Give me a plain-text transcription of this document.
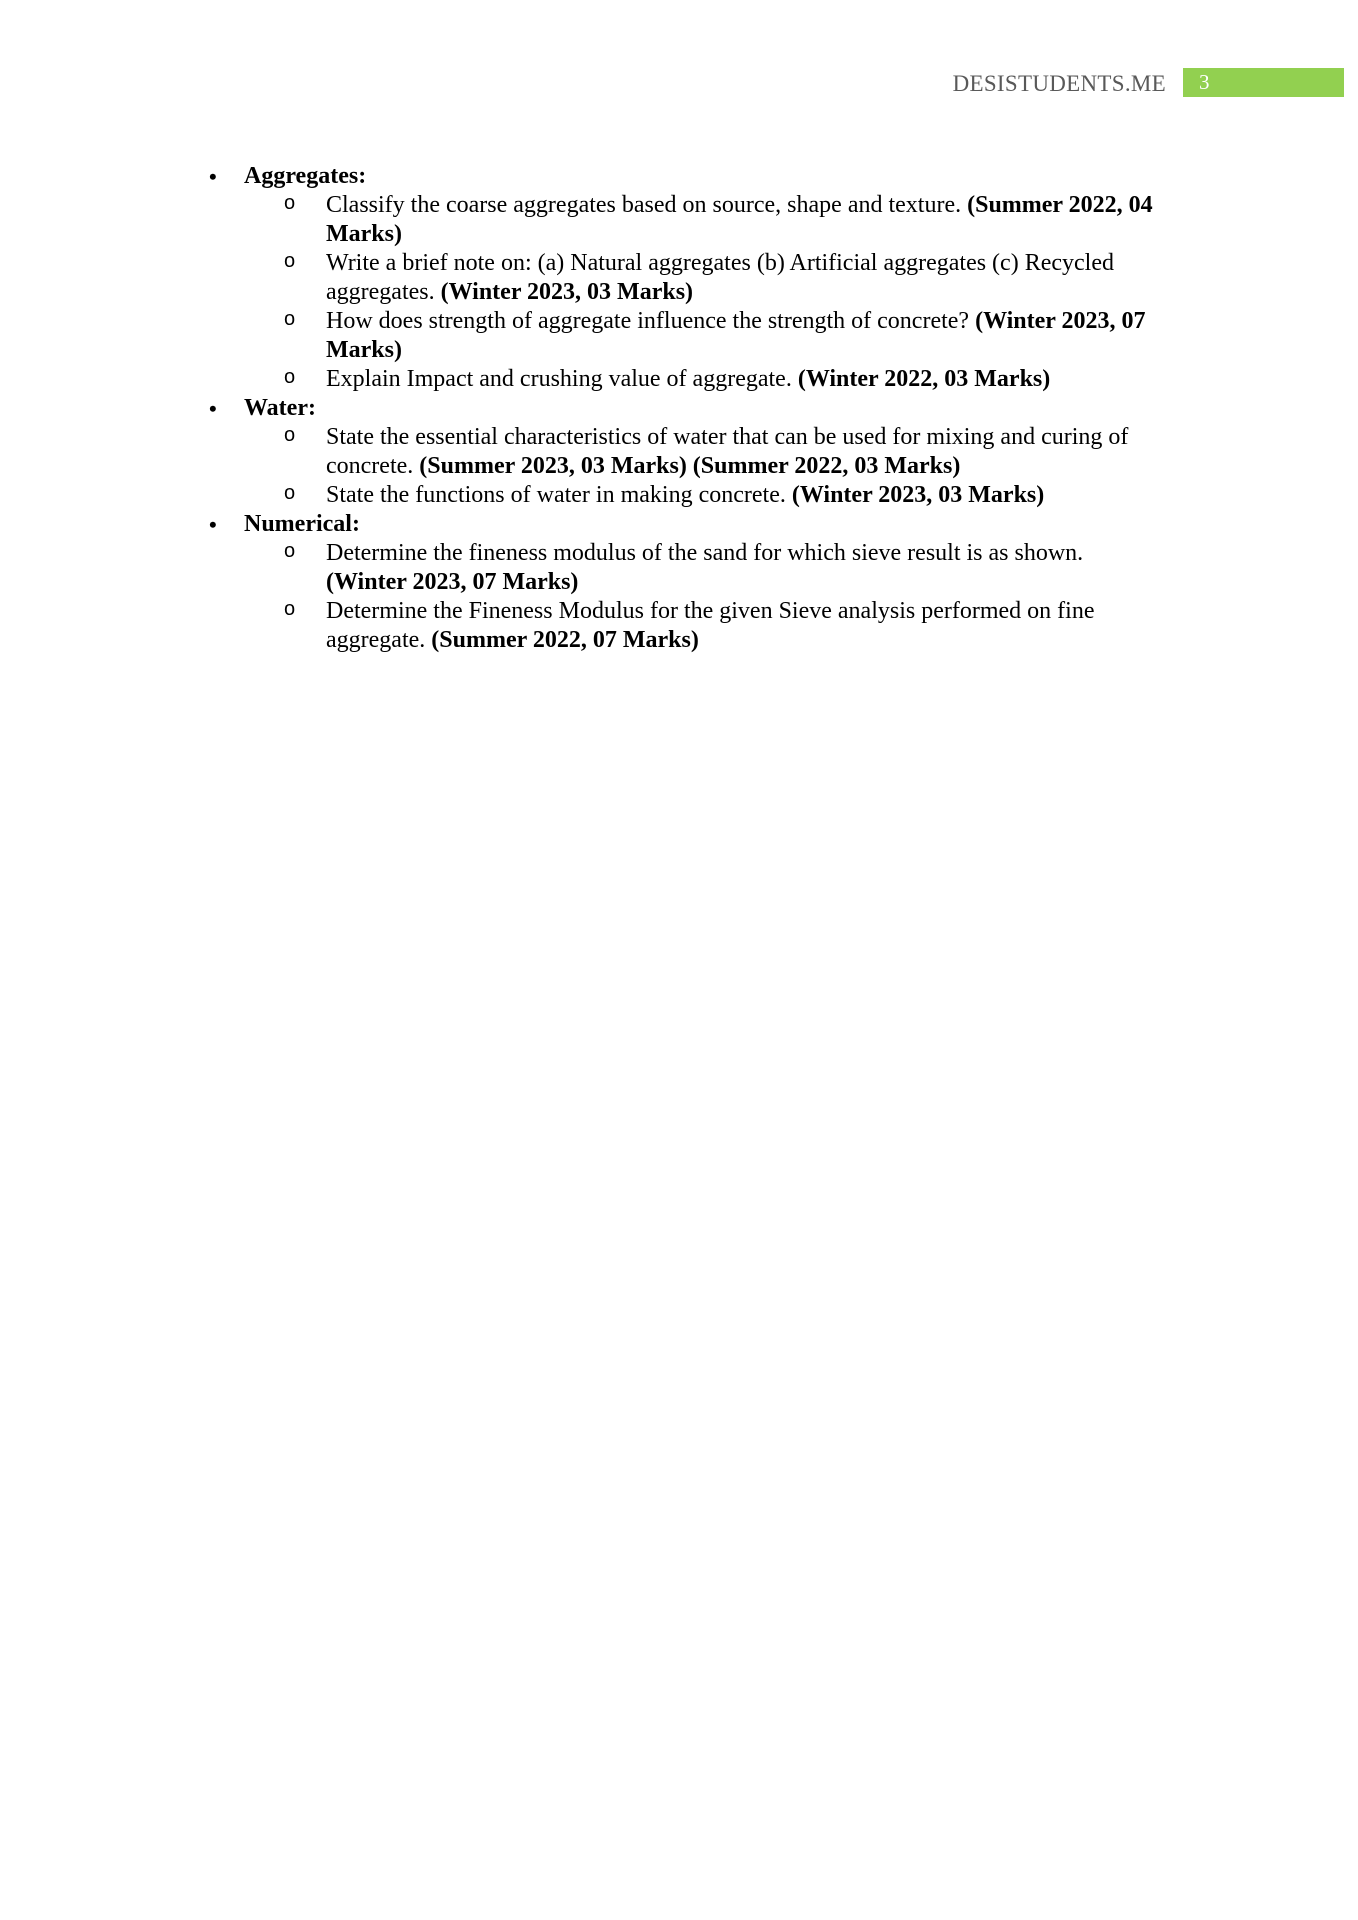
DESISTUDENTS.ME	3
• Aggregates:
o Classify the coarse aggregates based on source, shape and texture. (Summer 2022, 04 Marks)
o Write a brief note on: (a) Natural aggregates (b) Artificial aggregates (c) Recycled aggregates. (Winter 2023, 03 Marks)
o How does strength of aggregate influence the strength of concrete? (Winter 2023, 07 Marks)
o Explain Impact and crushing value of aggregate. (Winter 2022, 03 Marks)
• Water:
o State the essential characteristics of water that can be used for mixing and curing of concrete. (Summer 2023, 03 Marks) (Summer 2022, 03 Marks)
o State the functions of water in making concrete. (Winter 2023, 03 Marks)
• Numerical:
o Determine the fineness modulus of the sand for which sieve result is as shown. (Winter 2023, 07 Marks)
o Determine the Fineness Modulus for the given Sieve analysis performed on fine aggregate. (Summer 2022, 07 Marks)
